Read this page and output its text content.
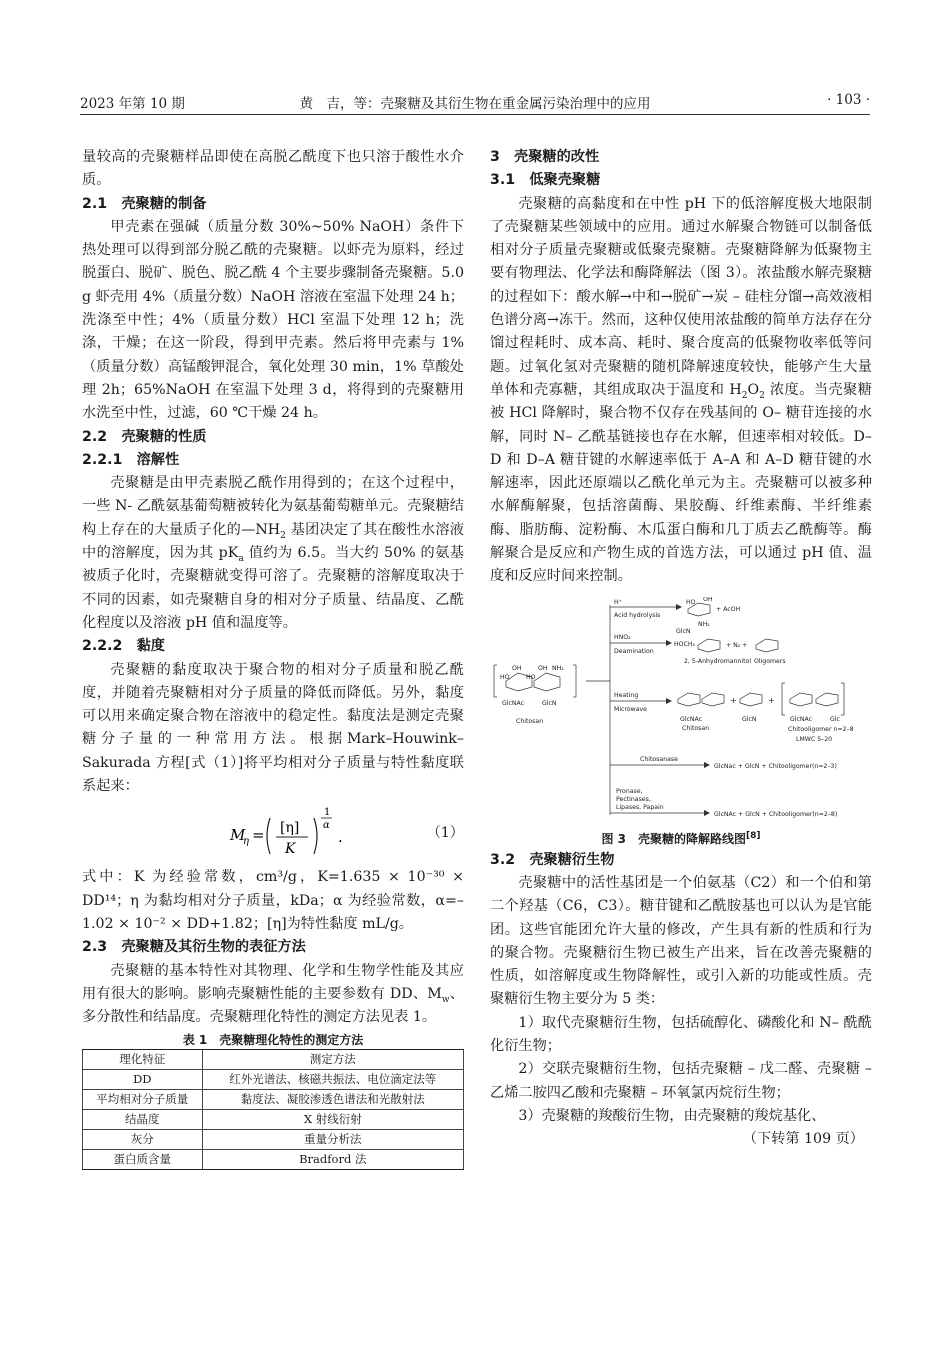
2023 年第 10 期	黄　吉，等：壳聚糖及其衍生物在重金属污染治理中的应用	· 103 ·

量较高的壳聚糖样品即使在高脱乙酰度下也只溶于酸性水介质。

2.1　壳聚糖的制备

甲壳素在强碱（质量分数 30%~50% NaOH）条件下热处理可以得到部分脱乙酰的壳聚糖。以虾壳为原料，经过脱蛋白、脱矿、脱色、脱乙酰 4 个主要步骤制备壳聚糖。5.0 g 虾壳用 4%（质量分数）NaOH 溶液在室温下处理 24 h；洗涤至中性；4%（质量分数）HCl 室温下处理 12 h；洗涤，干燥；在这一阶段，得到甲壳素。然后将甲壳素与 1%（质量分数）高锰酸钾混合，氧化处理 30 min，1% 草酸处理 2h；65%NaOH 在室温下处理 3 d，将得到的壳聚糖用水洗至中性，过滤，60 ℃干燥 24 h。

2.2　壳聚糖的性质
2.2.1　溶解性

壳聚糖是由甲壳素脱乙酰作用得到的；在这个过程中，一些 N- 乙酰氨基葡萄糖被转化为氨基葡萄糖单元。壳聚糖结构上存在的大量质子化的$—NH_2$ 基团决定了其在酸性水溶液中的溶解度，因为其 $pK_a$ 值约为 6.5。当大约 50% 的氨基被质子化时，壳聚糖就变得可溶了。壳聚糖的溶解度取决于不同的因素，如壳聚糖自身的相对分子质量、结晶度、乙酰化程度以及溶液 pH 值和温度等。

2.2.2　黏度

壳聚糖的黏度取决于聚合物的相对分子质量和脱乙酰度，并随着壳聚糖相对分子质量的降低而降低。另外，黏度可以用来确定聚合物在溶液中的稳定性。黏度法是测定壳聚糖分子量的一种常用方法。根据Mark–Houwink–Sakurada 方程[式（1）]将平均相对分子质量与特性黏度联系起来：

M
η = [η]
K
1
α
.	（1）

式中：K 为经验常数，cm³/g，K=1.635 × 10⁻³⁰ × DD¹⁴；η 为黏均相对分子质量，kDa；α 为经验常数，α=–1.02 × 10⁻² × DD+1.82；[η]为特性黏度 mL/g。

2.3　壳聚糖及其衍生物的表征方法

壳聚糖的基本特性对其物理、化学和生物学性能及其应用有很大的影响。影响壳聚糖性能的主要参数有 DD、$M_w$、多分散性和结晶度。壳聚糖理化特性的测定方法见表 1。

表 1　壳聚糖理化特性的测定方法
理化特征	测定方法
DD	红外光谱法、核磁共振法、电位滴定法等
平均相对分子质量	黏度法、凝胶渗透色谱法和光散射法
结晶度	X 射线衍射
灰分	重量分析法
蛋白质含量	Bradford 法
3　壳聚糖的改性
3.1　低聚壳聚糖

壳聚糖的高黏度和在中性 pH 下的低溶解度极大地限制了壳聚糖某些领域中的应用。通过水解聚合物链可以制备低相对分子质量壳聚糖或低聚壳聚糖。壳聚糖降解为低聚物主要有物理法、化学法和酶降解法（图 3）。浓盐酸水解壳聚糖的过程如下：酸水解→中和→脱矿→炭 – 硅柱分馏→高效液相色谱分离→冻干。然而，这种仅使用浓盐酸的简单方法存在分馏过程耗时、成本高、耗时、聚合度高的低聚物收率低等问题。过氧化氢对壳聚糖的随机降解速度较快，能够产生大量单体和壳寡糖，其组成取决于温度和 $H_2O_2$ 浓度。当壳聚糖被 HCl 降解时，聚合物不仅存在残基间的 O– 糖苷连接的水解，同时 N– 乙酰基链接也存在水解，但速率相对较低。D–D 和 D–A 糖苷键的水解速率低于 A–A 和 A–D 糖苷键的水解速率，因此还原端以乙酰化单元为主。壳聚糖可以被多种水解酶解聚，包括溶菌酶、果胶酶、纤维素酶、半纤维素酶、脂肪酶、淀粉酶、木瓜蛋白酶和几丁质去乙酰酶等。酶解聚合是反应和产物生成的首选方法，可以通过 pH 值、温度和反应时间来控制。

OH	OH NH₂
HO	HO
GlcNAc	GlcN
Chitosan
H⁺
Acid hydrolysis
OH
HO
NH₂
GlcN
+ AcOH
HNO₂
Deamination
HOCH₂	+ N₂ +
2, 5-Anhydromannitol Oligomers
Heating
Microwave
+	+
GlcNAc
Chitosan
GlcN	GlcNAc	Glc
Chitooligomer n=2–8
LMWC 5–20
Chitosanase
GlcNac + GlcN + Chitooligomer(n=2–3)
Pronase,
Pectinases,
Lipases, Papain
GlcNAc + GlcN + Chitooligomer(n=2–8)
图 3　壳聚糖的降解路线图[8]
3.2　壳聚糖衍生物

壳聚糖中的活性基团是一个伯氨基（C2）和一个伯和第二个羟基（C6，C3）。糖苷键和乙酰胺基也可以认为是官能团。这些官能团允许大量的修改，产生具有新的性质和行为的聚合物。壳聚糖衍生物已被生产出来，旨在改善壳聚糖的性质，如溶解度或生物降解性，或引入新的功能或性质。壳聚糖衍生物主要分为 5 类：

1）取代壳聚糖衍生物，包括硫醇化、磷酸化和 N– 酰酰化衍生物；

2）交联壳聚糖衍生物，包括壳聚糖 – 戊二醛、壳聚糖 – 乙烯二胺四乙酸和壳聚糖 – 环氧氯丙烷衍生物；

3）壳聚糖的羧酸衍生物，由壳聚糖的羧烷基化、

（下转第 109 页）
